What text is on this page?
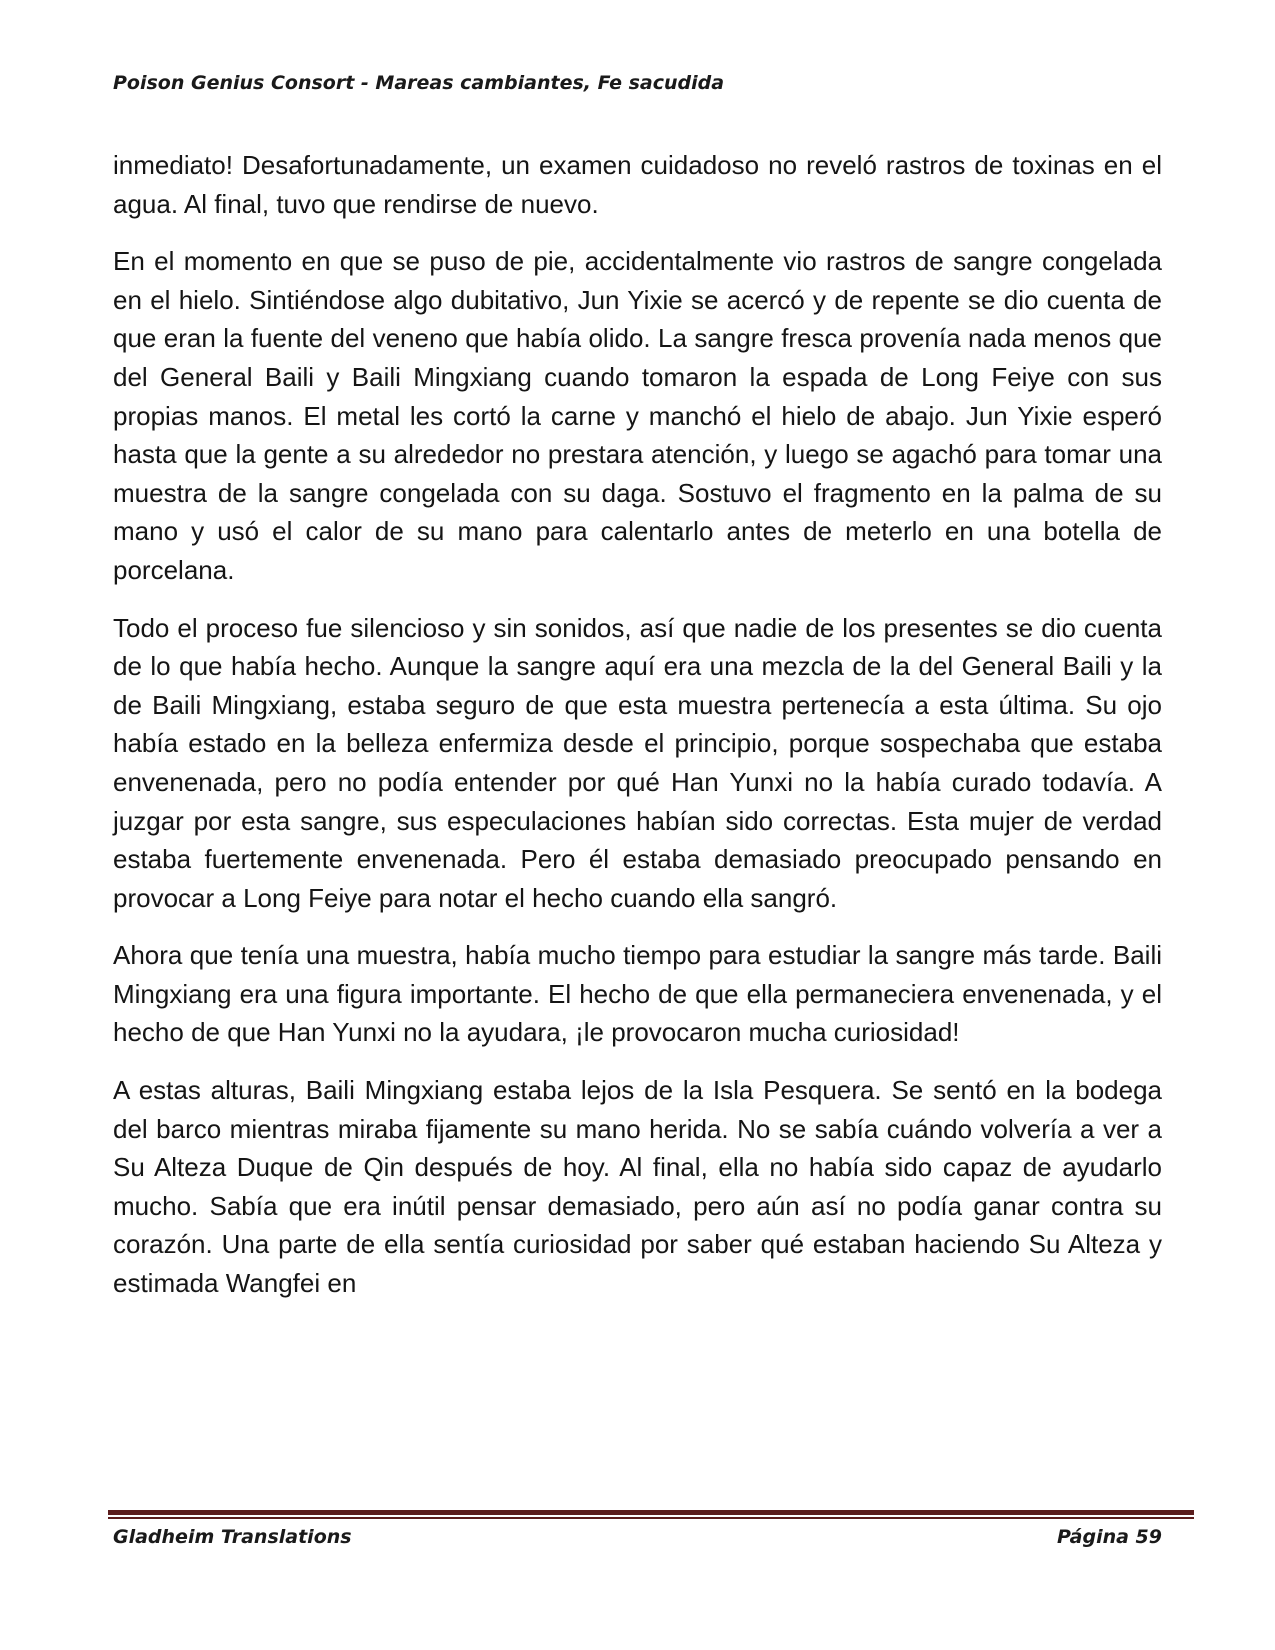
Poison Genius Consort - Mareas cambiantes, Fe sacudida

inmediato! Desafortunadamente, un examen cuidadoso no reveló rastros de toxinas en el agua. Al final, tuvo que rendirse de nuevo.

En el momento en que se puso de pie, accidentalmente vio rastros de sangre congelada en el hielo. Sintiéndose algo dubitativo, Jun Yixie se acercó y de repente se dio cuenta de que eran la fuente del veneno que había olido. La sangre fresca provenía nada menos que del General Baili y Baili Mingxiang cuando tomaron la espada de Long Feiye con sus propias manos. El metal les cortó la carne y manchó el hielo de abajo. Jun Yixie esperó hasta que la gente a su alrededor no prestara atención, y luego se agachó para tomar una muestra de la sangre congelada con su daga. Sostuvo el fragmento en la palma de su mano y usó el calor de su mano para calentarlo antes de meterlo en una botella de porcelana.

Todo el proceso fue silencioso y sin sonidos, así que nadie de los presentes se dio cuenta de lo que había hecho. Aunque la sangre aquí era una mezcla de la del General Baili y la de Baili Mingxiang, estaba seguro de que esta muestra pertenecía a esta última. Su ojo había estado en la belleza enfermiza desde el principio, porque sospechaba que estaba envenenada, pero no podía entender por qué Han Yunxi no la había curado todavía. A juzgar por esta sangre, sus especulaciones habían sido correctas. Esta mujer de verdad estaba fuertemente envenenada. Pero él estaba demasiado preocupado pensando en provocar a Long Feiye para notar el hecho cuando ella sangró.

Ahora que tenía una muestra, había mucho tiempo para estudiar la sangre más tarde. Baili Mingxiang era una figura importante. El hecho de que ella permaneciera envenenada, y el hecho de que Han Yunxi no la ayudara, ¡le provocaron mucha curiosidad!

A estas alturas, Baili Mingxiang estaba lejos de la Isla Pesquera. Se sentó en la bodega del barco mientras miraba fijamente su mano herida. No se sabía cuándo volvería a ver a Su Alteza Duque de Qin después de hoy. Al final, ella no había sido capaz de ayudarlo mucho. Sabía que era inútil pensar demasiado, pero aún así no podía ganar contra su corazón. Una parte de ella sentía curiosidad por saber qué estaban haciendo Su Alteza y estimada Wangfei en

Gladheim Translations	Página 59
